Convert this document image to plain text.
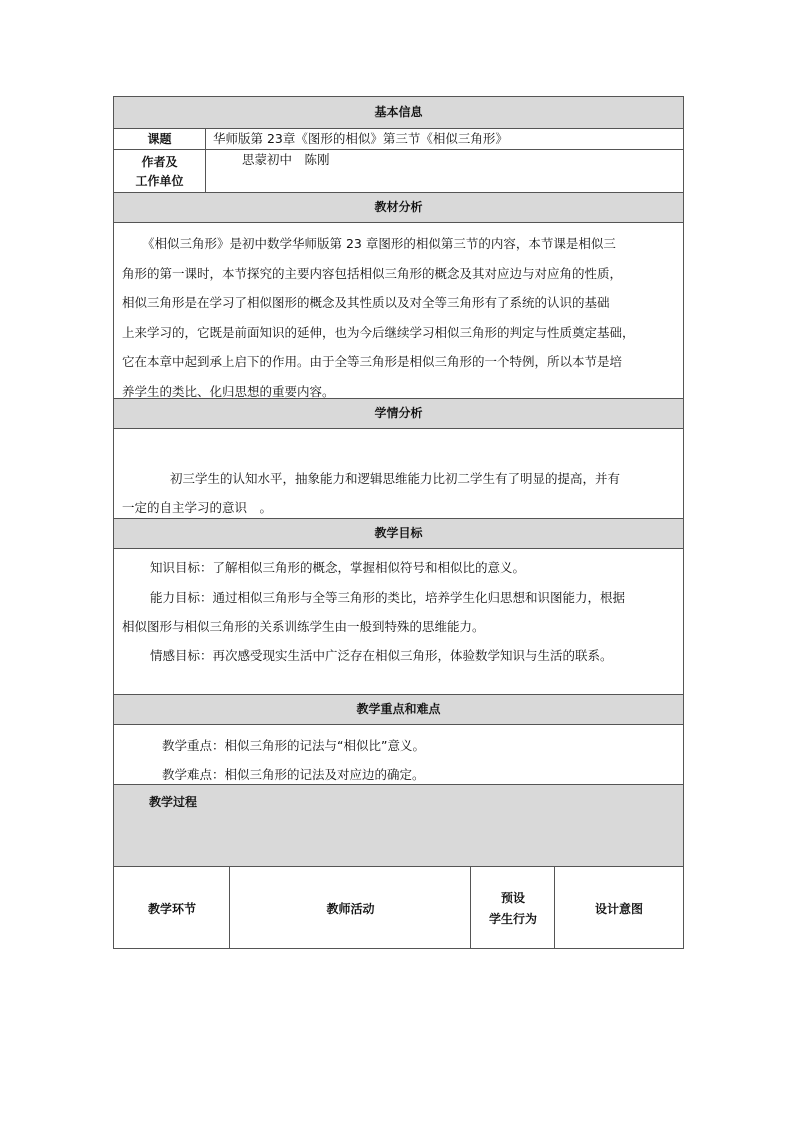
基本信息
课题	华师版第 23章《图形的相似》第三节《相似三角形》
作者及
工作单位
思蒙初中　陈刚
教材分析
《相似三角形》是初中数学华师版第 23 章图形的相似第三节的内容，本节课是相似三
角形的第一课时，本节探究的主要内容包括相似三角形的概念及其对应边与对应角的性质，
相似三角形是在学习了相似图形的概念及其性质以及对全等三角形有了系统的认识的基础
上来学习的，它既是前面知识的延伸，也为今后继续学习相似三角形的判定与性质奠定基础，
它在本章中起到承上启下的作用。由于全等三角形是相似三角形的一个特例，所以本节是培
养学生的类比、化归思想的重要内容。
学情分析
初三学生的认知水平，抽象能力和逻辑思维能力比初二学生有了明显的提高，并有
一定的自主学习的意识　。
教学目标
知识目标：了解相似三角形的概念，掌握相似符号和相似比的意义。
能力目标：通过相似三角形与全等三角形的类比，培养学生化归思想和识图能力，根据
相似图形与相似三角形的关系训练学生由一般到特殊的思维能力。
情感目标：再次感受现实生活中广泛存在相似三角形，体验数学知识与生活的联系。
教学重点和难点
教学重点：相似三角形的记法与“相似比”意义。
教学难点：相似三角形的记法及对应边的确定。
教学过程
教学环节	教师活动
预设
学生行为
设计意图
